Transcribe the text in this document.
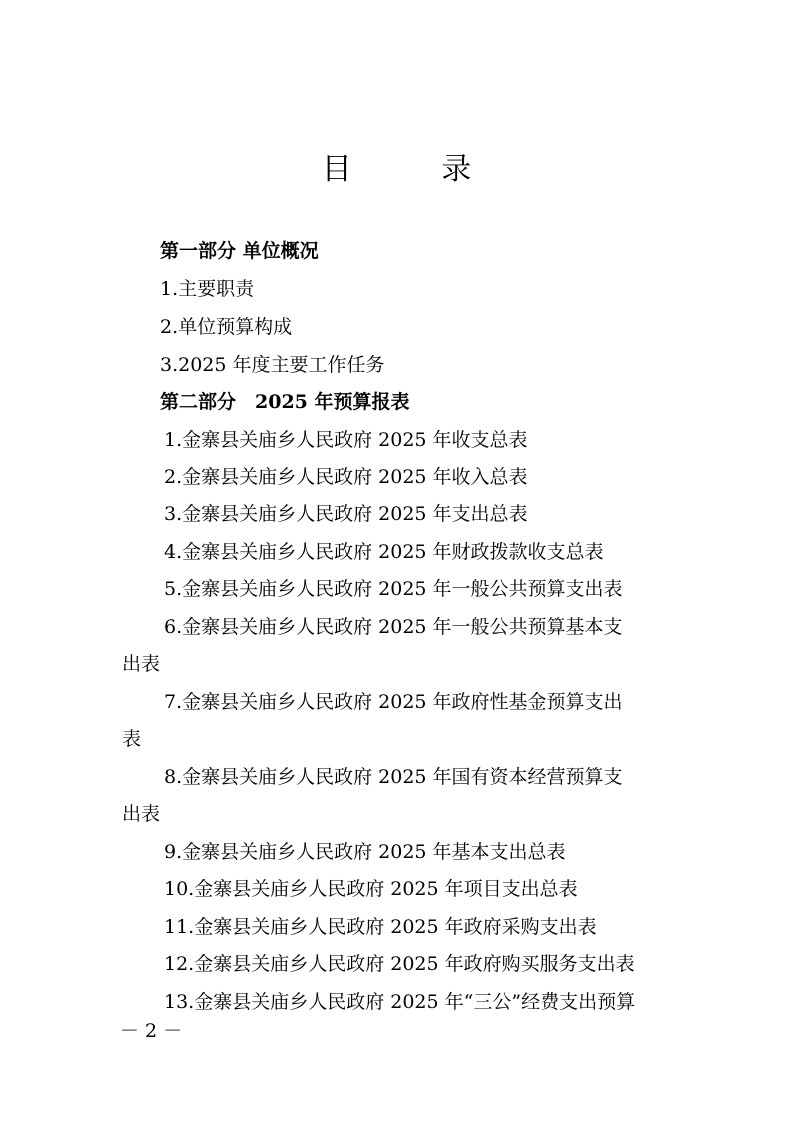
目 录
第一部分 单位概况
1.主要职责
2.单位预算构成
3.2025 年度主要工作任务
第二部分　2025 年预算报表
1.金寨县关庙乡人民政府 2025 年收支总表
2.金寨县关庙乡人民政府 2025 年收入总表
3.金寨县关庙乡人民政府 2025 年支出总表
4.金寨县关庙乡人民政府 2025 年财政拨款收支总表
5.金寨县关庙乡人民政府 2025 年一般公共预算支出表
6.金寨县关庙乡人民政府 2025 年一般公共预算基本支
出表
7.金寨县关庙乡人民政府 2025 年政府性基金预算支出
表
8.金寨县关庙乡人民政府 2025 年国有资本经营预算支
出表
9.金寨县关庙乡人民政府 2025 年基本支出总表
10.金寨县关庙乡人民政府 2025 年项目支出总表
11.金寨县关庙乡人民政府 2025 年政府采购支出表
12.金寨县关庙乡人民政府 2025 年政府购买服务支出表
13.金寨县关庙乡人民政府 2025 年“三公”经费支出预算
－ 2 －
